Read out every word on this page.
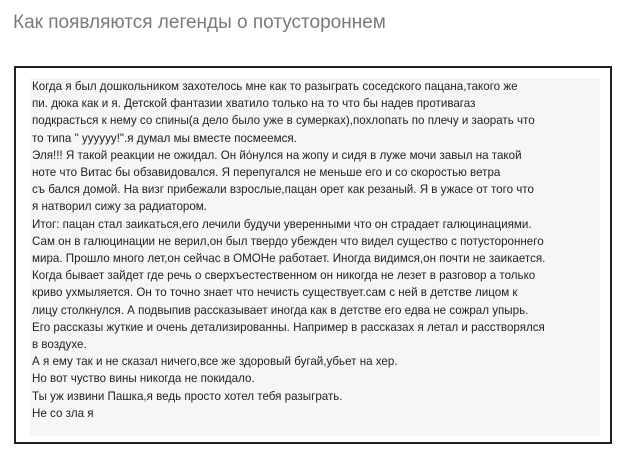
Как появляются легенды о потустороннем
Когда я был дошкольником захотелось мне как то разыграть соседского пацана,такого же
пи. дюка как и я. Детской фантазии хватило только на то что бы надев противагаз
подкрасться к нему со спины(а дело было уже в сумерках),похлопать по плечу и заорать что
то типа " уууууу!".я думал мы вместе посмеемся.
Эля!!! Я такой реакции не ожидал. Он йо́нулся на жопу и сидя в луже мочи завыл на такой
ноте что Витас бы обзавидовался. Я перепугался не меньше его и со скоростью ветра
съ бался домой. На визг прибежали взрослые,пацан орет как резаный. Я в ужасе от того что
я натворил сижу за радиатором.
Итог: пацан стал заикаться,его лечили будучи уверенными что он страдает галюцинациями.
Сам он в галюцинации не верил,он был твердо убежден что видел существо с потустороннего
мира. Прошло много лет,он сейчас в ОМОНе работает. Иногда видимся,он почти не заикается.
Когда бывает зайдет где речь о сверхъестественном он никогда не лезет в разговор а только
криво ухмыляется. Он то точно знает что нечисть существует.сам с ней в детстве лицом к
лицу столкнулся. А подвыпив рассказывает иногда как в детстве его едва не сожрал упырь.
Его рассказы жуткие и очень детализированны. Например в рассказах я летал и расстворялся
в воздухе.
А я ему так и не сказал ничего,все же здоровый бугай,убьет на хер.
Но вот чуство вины никогда не покидало.
Ты уж извини Пашка,я ведь просто хотел тебя разыграть.
Не со зла я
